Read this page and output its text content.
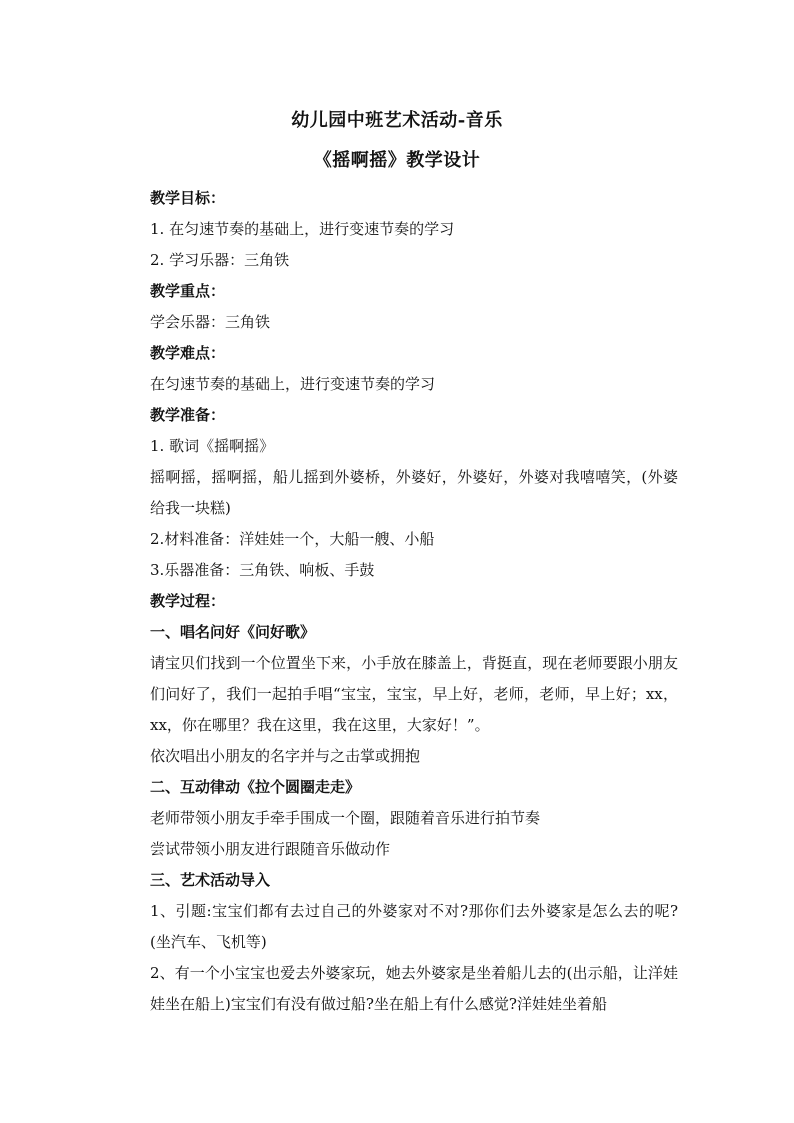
幼儿园中班艺术活动-音乐
《摇啊摇》教学设计

教学目标：

1. 在匀速节奏的基础上，进行变速节奏的学习

2. 学习乐器：三角铁

教学重点：

学会乐器：三角铁

教学难点：

在匀速节奏的基础上，进行变速节奏的学习

教学准备：

1. 歌词《摇啊摇》

摇啊摇，摇啊摇，船儿摇到外婆桥，外婆好，外婆好，外婆对我嘻嘻笑，(外婆给我一块糕)

2.材料准备：洋娃娃一个，大船一艘、小船

3.乐器准备：三角铁、响板、手鼓

教学过程：

一、唱名问好《问好歌》

请宝贝们找到一个位置坐下来，小手放在膝盖上，背挺直，现在老师要跟小朋友们问好了，我们一起拍手唱“宝宝，宝宝，早上好，老师，老师，早上好；xx，xx，你在哪里？我在这里，我在这里，大家好！”。

依次唱出小朋友的名字并与之击掌或拥抱

二、互动律动《拉个圆圈走走》

老师带领小朋友手牵手围成一个圈，跟随着音乐进行拍节奏

尝试带领小朋友进行跟随音乐做动作

三、艺术活动导入

1、引题:宝宝们都有去过自己的外婆家对不对?那你们去外婆家是怎么去的呢?(坐汽车、飞机等)

2、有一个小宝宝也爱去外婆家玩，她去外婆家是坐着船儿去的(出示船，让洋娃娃坐在船上)宝宝们有没有做过船?坐在船上有什么感觉?洋娃娃坐着船
